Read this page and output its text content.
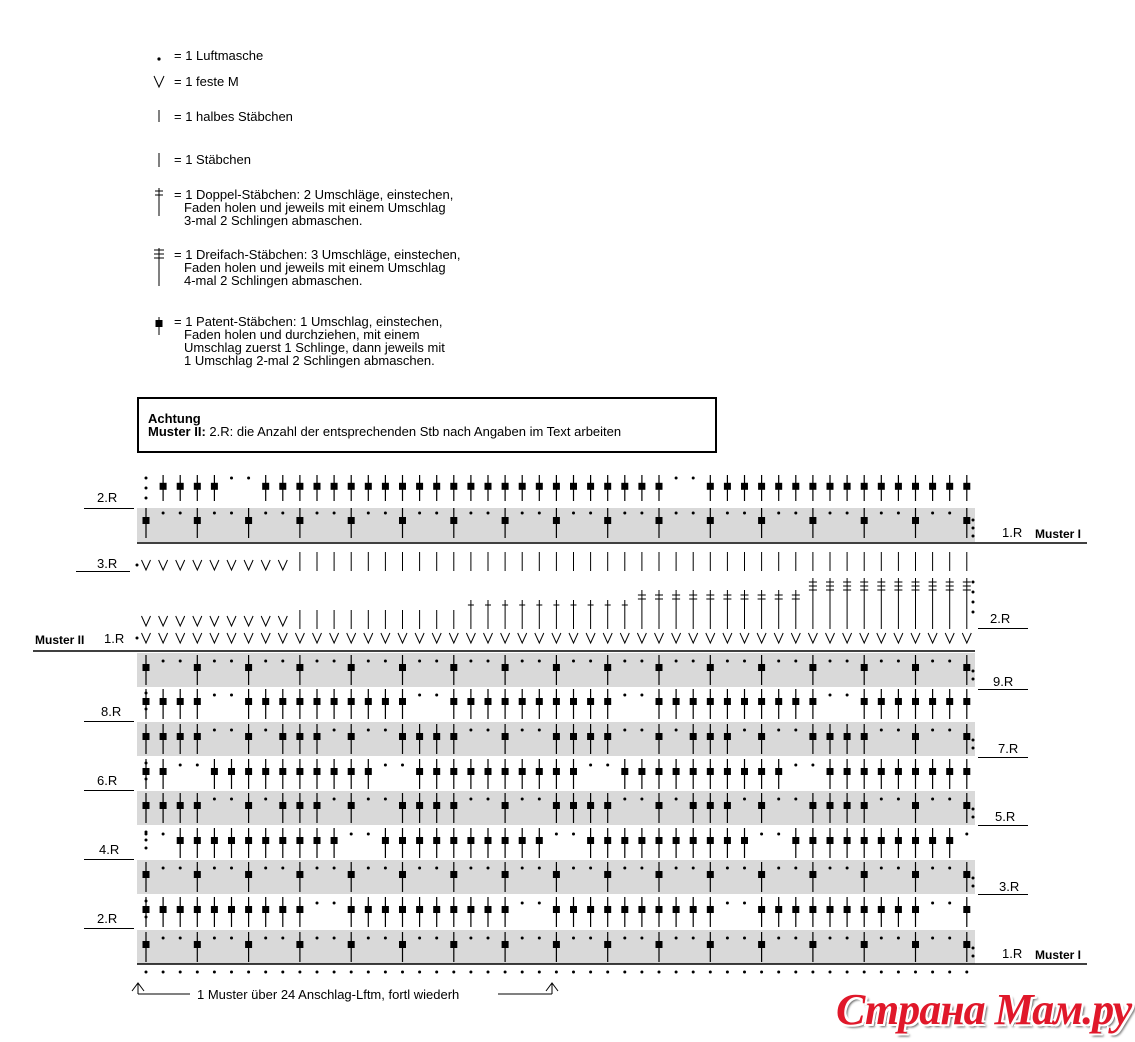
= 1 Luftmasche
= 1 feste M
= 1 halbes Stäbchen
= 1 Stäbchen
= 1 Doppel-Stäbchen: 2 Umschläge, einstechen,
Faden holen und jeweils mit einem Umschlag
3-mal 2 Schlingen abmaschen.
= 1 Dreifach-Stäbchen: 3 Umschläge, einstechen,
Faden holen und jeweils mit einem Umschlag
4-mal 2 Schlingen abmaschen.
= 1 Patent-Stäbchen: 1 Umschlag, einstechen,
Faden holen und durchziehen, mit einem
Umschlag zuerst 1 Schlinge, dann jeweils mit
1 Umschlag 2-mal 2 Schlingen abmaschen.
Achtung
Muster II: 2.R: die Anzahl der entsprechenden Stb nach Angaben im Text arbeiten
2.R
1.R Muster I
3.R
2.R
Muster II 1.R
9.R
8.R
7.R
6.R
5.R
4.R
3.R
2.R
1.R Muster I
1 Muster über 24 Anschlag-Lftm, fortl wiederh	Страна Мам.ру
